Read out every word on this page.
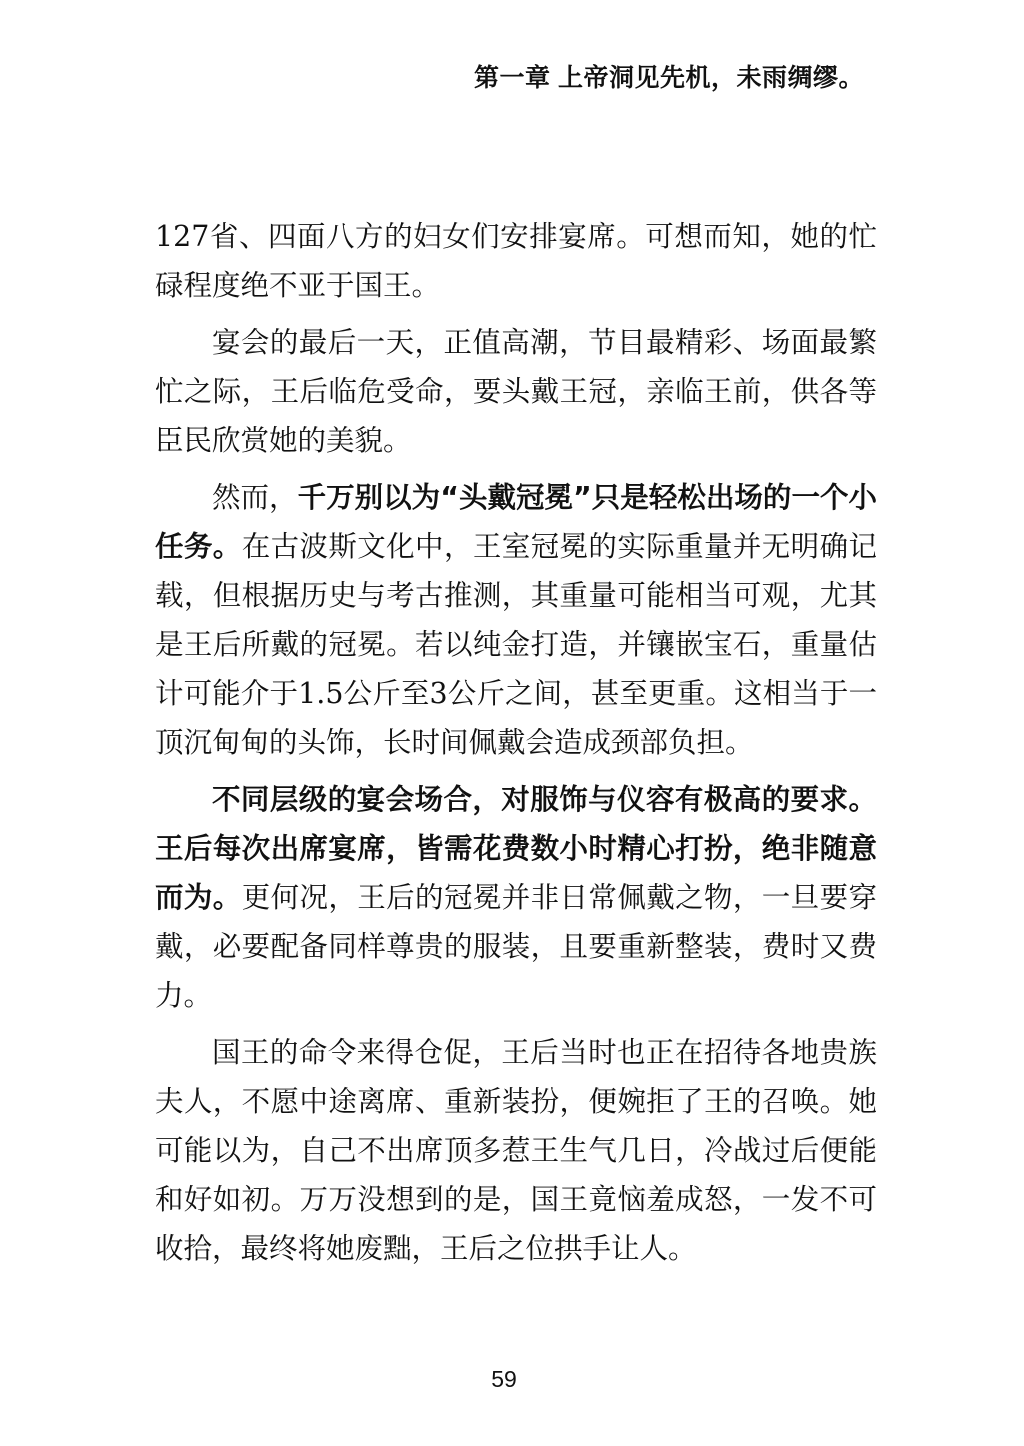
第一章 上帝洞见先机，未雨绸缪。

127省、四面八方的妇女们安排宴席。可想而知，她的忙碌程度绝不亚于国王。

宴会的最后一天，正值高潮，节目最精彩、场面最繁忙之际，王后临危受命，要头戴王冠，亲临王前，供各等臣民欣赏她的美貌。

然而，千万别以为“头戴冠冕”只是轻松出场的一个小任务。在古波斯文化中，王室冠冕的实际重量并无明确记载，但根据历史与考古推测，其重量可能相当可观，尤其是王后所戴的冠冕。若以纯金打造，并镶嵌宝石，重量估计可能介于1.5公斤至3公斤之间，甚至更重。这相当于一顶沉甸甸的头饰，长时间佩戴会造成颈部负担。

不同层级的宴会场合，对服饰与仪容有极高的要求。王后每次出席宴席，皆需花费数小时精心打扮，绝非随意而为。更何况，王后的冠冕并非日常佩戴之物，一旦要穿戴，必要配备同样尊贵的服装，且要重新整装，费时又费力。

国王的命令来得仓促，王后当时也正在招待各地贵族夫人，不愿中途离席、重新装扮，便婉拒了王的召唤。她可能以为，自己不出席顶多惹王生气几日，冷战过后便能和好如初。万万没想到的是，国王竟恼羞成怒，一发不可收拾，最终将她废黜，王后之位拱手让人。

59
